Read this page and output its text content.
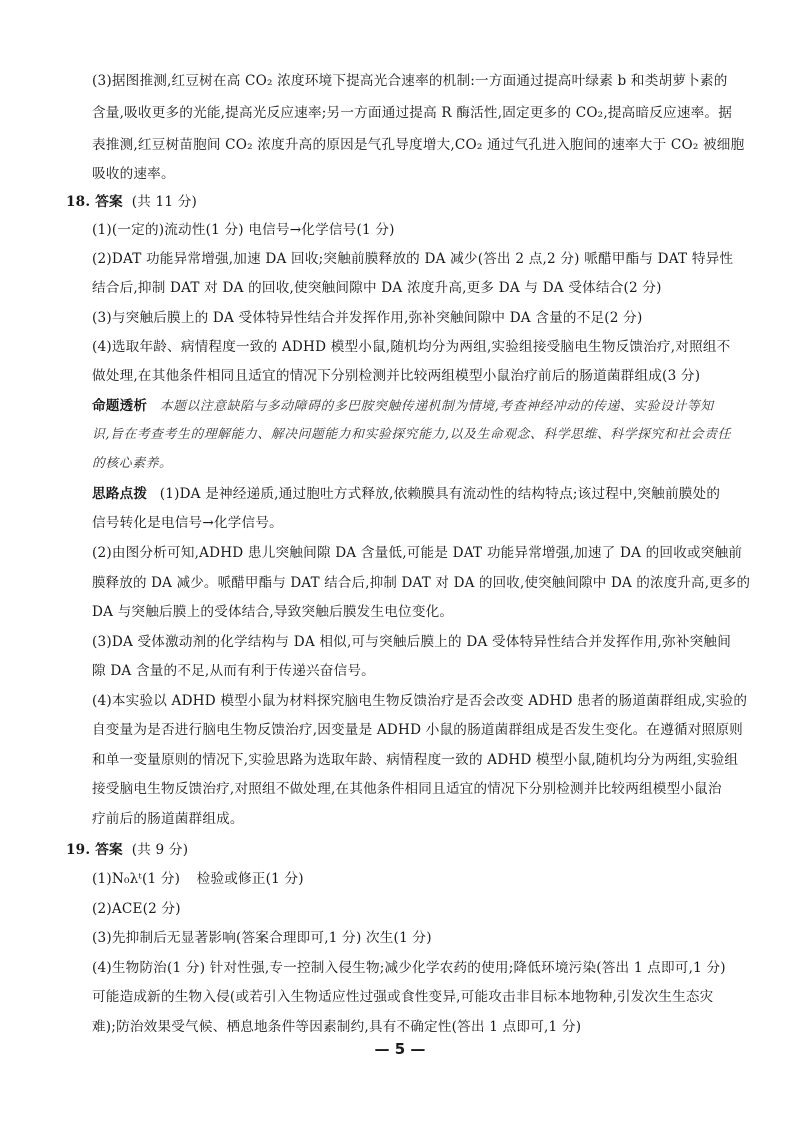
(3)据图推测,红豆树在高 CO₂ 浓度环境下提高光合速率的机制:一方面通过提高叶绿素 b 和类胡萝卜素的
含量,吸收更多的光能,提高光反应速率;另一方面通过提高 R 酶活性,固定更多的 CO₂,提高暗反应速率。据
表推测,红豆树苗胞间 CO₂ 浓度升高的原因是气孔导度增大,CO₂ 通过气孔进入胞间的速率大于 CO₂ 被细胞
吸收的速率。
18. 答案 (共 11 分)
(1)(一定的)流动性(1 分) 电信号→化学信号(1 分)
(2)DAT 功能异常增强,加速 DA 回收;突触前膜释放的 DA 减少(答出 2 点,2 分) 哌醋甲酯与 DAT 特异性
结合后,抑制 DAT 对 DA 的回收,使突触间隙中 DA 浓度升高,更多 DA 与 DA 受体结合(2 分)
(3)与突触后膜上的 DA 受体特异性结合并发挥作用,弥补突触间隙中 DA 含量的不足(2 分)
(4)选取年龄、病情程度一致的 ADHD 模型小鼠,随机均分为两组,实验组接受脑电生物反馈治疗,对照组不
做处理,在其他条件相同且适宜的情况下分别检测并比较两组模型小鼠治疗前后的肠道菌群组成(3 分)
命题透析 本题以注意缺陷与多动障碍的多巴胺突触传递机制为情境,考查神经冲动的传递、实验设计等知
识,旨在考查考生的理解能力、解决问题能力和实验探究能力,以及生命观念、科学思维、科学探究和社会责任
的核心素养。
思路点拨 (1)DA 是神经递质,通过胞吐方式释放,依赖膜具有流动性的结构特点;该过程中,突触前膜处的
信号转化是电信号→化学信号。
(2)由图分析可知,ADHD 患儿突触间隙 DA 含量低,可能是 DAT 功能异常增强,加速了 DA 的回收或突触前
膜释放的 DA 减少。哌醋甲酯与 DAT 结合后,抑制 DAT 对 DA 的回收,使突触间隙中 DA 的浓度升高,更多的
DA 与突触后膜上的受体结合,导致突触后膜发生电位变化。
(3)DA 受体激动剂的化学结构与 DA 相似,可与突触后膜上的 DA 受体特异性结合并发挥作用,弥补突触间
隙 DA 含量的不足,从而有利于传递兴奋信号。
(4)本实验以 ADHD 模型小鼠为材料探究脑电生物反馈治疗是否会改变 ADHD 患者的肠道菌群组成,实验的
自变量为是否进行脑电生物反馈治疗,因变量是 ADHD 小鼠的肠道菌群组成是否发生变化。在遵循对照原则
和单一变量原则的情况下,实验思路为选取年龄、病情程度一致的 ADHD 模型小鼠,随机均分为两组,实验组
接受脑电生物反馈治疗,对照组不做处理,在其他条件相同且适宜的情况下分别检测并比较两组模型小鼠治
疗前后的肠道菌群组成。
19. 答案 (共 9 分)
(1)N₀λᵗ(1 分) 检验或修正(1 分)
(2)ACE(2 分)
(3)先抑制后无显著影响(答案合理即可,1 分) 次生(1 分)
(4)生物防治(1 分) 针对性强,专一控制入侵生物;减少化学农药的使用;降低环境污染(答出 1 点即可,1 分)
可能造成新的生物入侵(或若引入生物适应性过强或食性变异,可能攻击非目标本地物种,引发次生生态灾
难);防治效果受气候、栖息地条件等因素制约,具有不确定性(答出 1 点即可,1 分)
— 5 —
